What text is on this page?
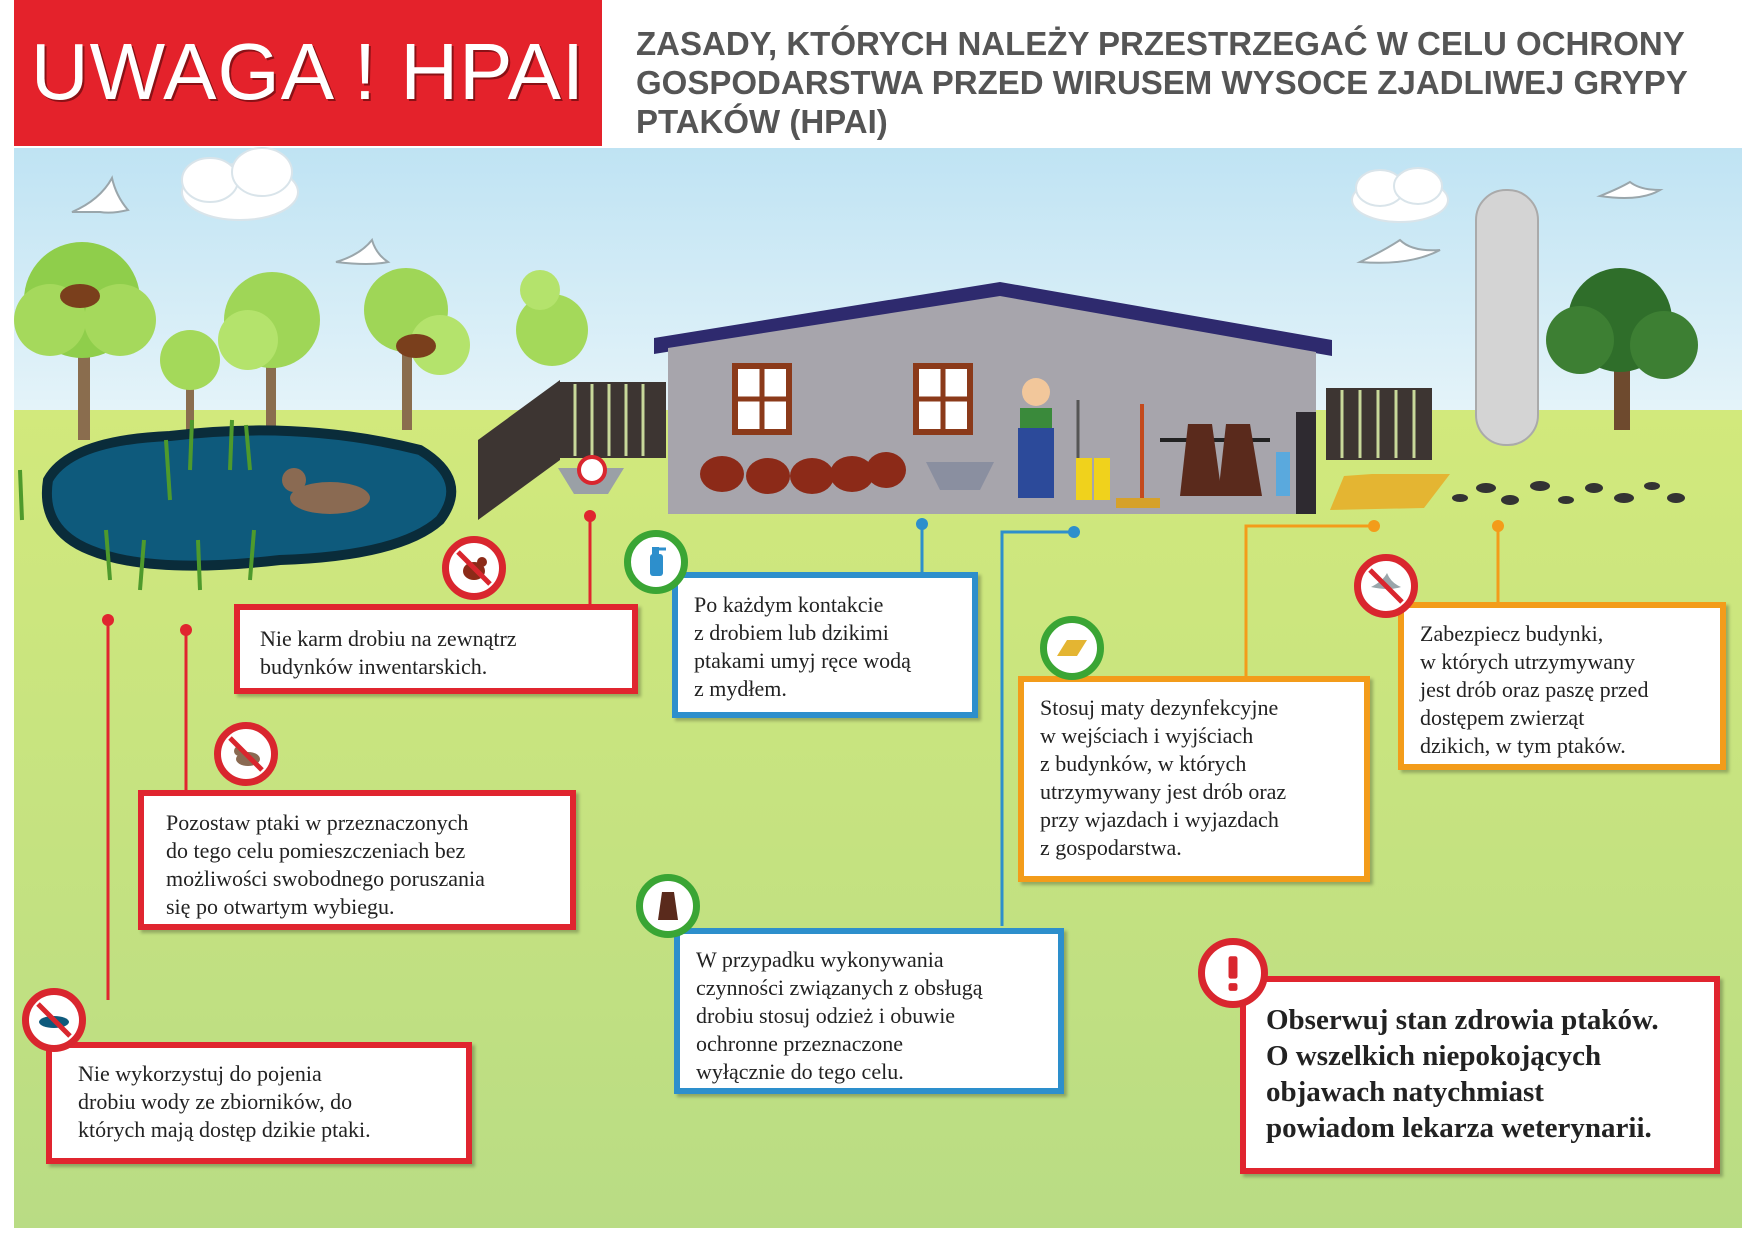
UWAGA ! HPAI	ZASADY, KTÓRYCH NALEŻY PRZESTRZEGAĆ W CELU OCHRONY GOSPODARSTWA PRZED WIRUSEM WYSOCE ZJADLIWEJ GRYPY PTAKÓW (HPAI)
Nie karm drobiu na zewnątrz
budynków inwentarskich.
Po każdym kontakcie
z drobiem lub dzikimi
ptakami umyj ręce wodą
z mydłem.
Stosuj maty dezynfekcyjne
w wejściach i wyjściach
z budynków, w których
utrzymywany jest drób oraz
przy wjazdach i wyjazdach
z gospodarstwa.
Zabezpiecz budynki,
w których utrzymywany
jest drób oraz paszę przed
dostępem zwierząt
dzikich, w tym ptaków.
Pozostaw ptaki w przeznaczonych
do tego celu pomieszczeniach bez
możliwości swobodnego poruszania
się po otwartym wybiegu.
W przypadku wykonywania
czynności związanych z obsługą
drobiu stosuj odzież i obuwie
ochronne przeznaczone
wyłącznie do tego celu.
Nie wykorzystuj do pojenia
drobiu wody ze zbiorników, do
których mają dostęp dzikie ptaki.
Obserwuj stan zdrowia ptaków.
O wszelkich niepokojących
objawach natychmiast
powiadom lekarza weterynarii.
